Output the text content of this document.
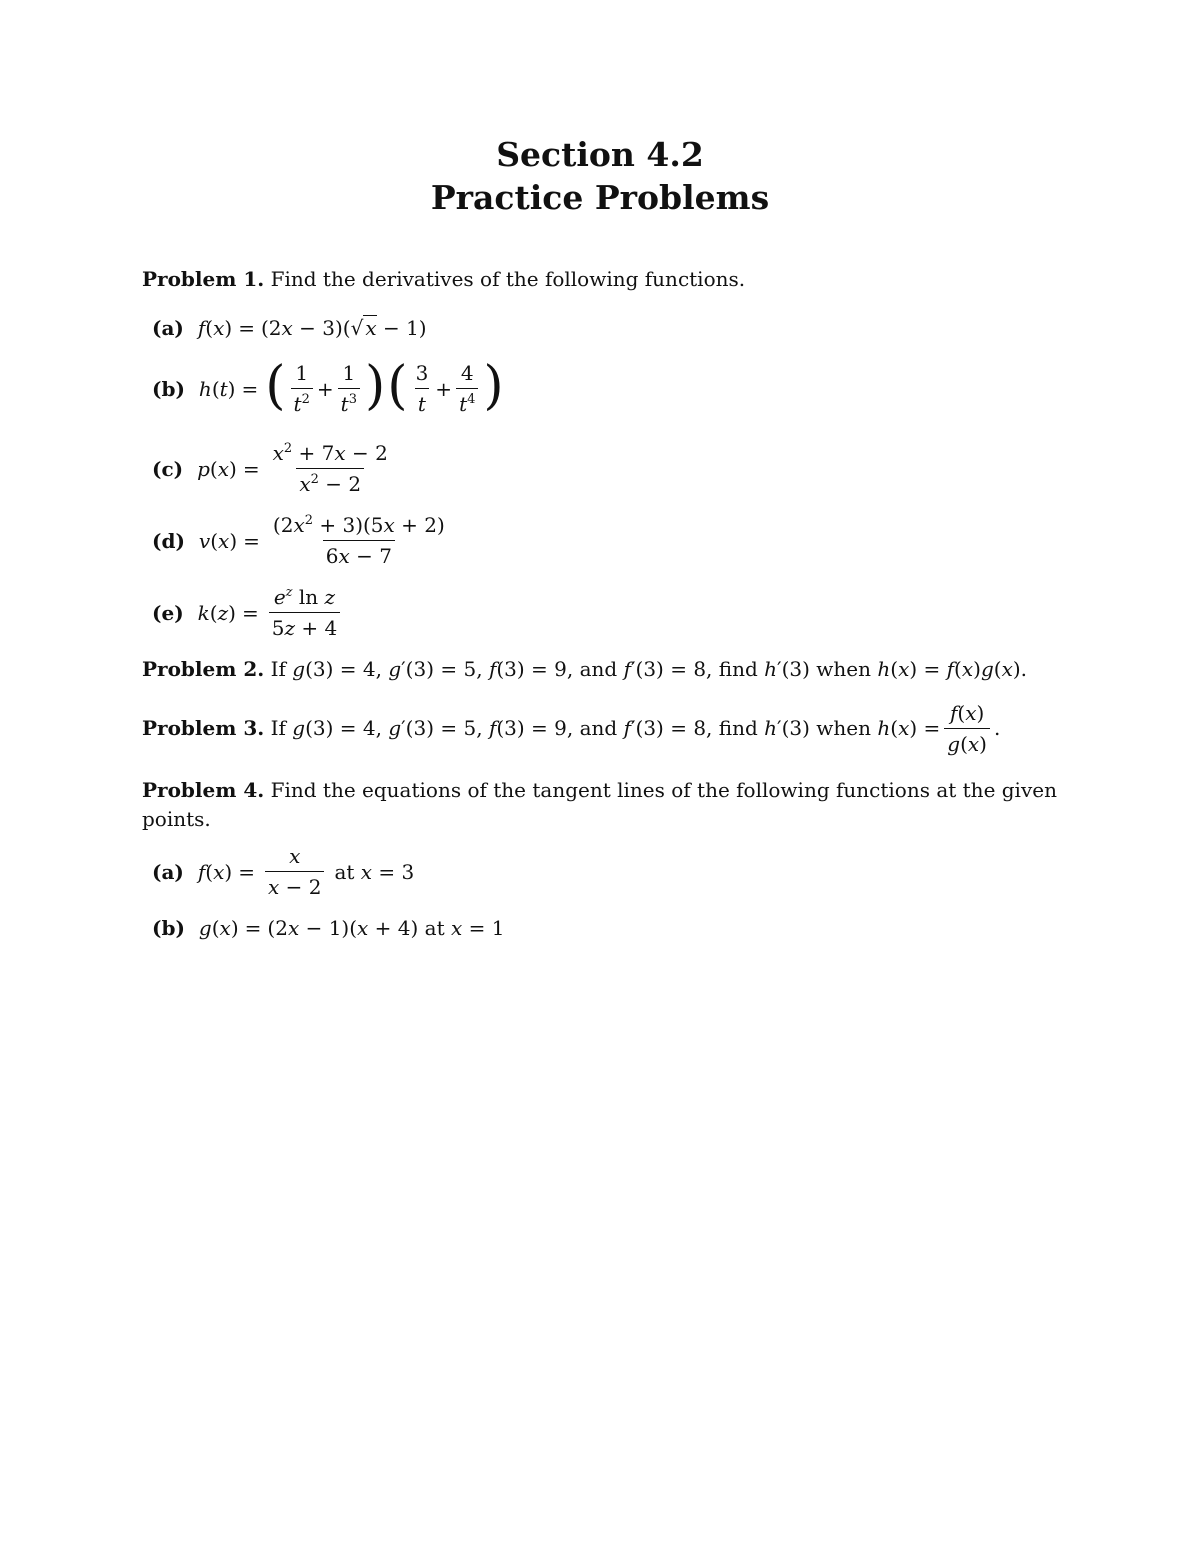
Section 4.2
Practice Problems
Problem 1. Find the derivatives of the following functions.
(a) f(x) = (2x − 3)(√ x − 1)
(b) h ( t ) = ( $\frac{1}{t^2} + \frac{1}{t^3}$ ) ( $\frac{3}{t} + \frac{4}{t^4}$ )
(c) p ( x ) = $\frac{x^2 + 7x - 2}{x^2 - 2}$
(d) v ( x ) = $\frac{(2x^2 + 3)(5x + 2)}{6x - 7}$
(e) k ( z ) = $\frac{e^z \ln z}{5z + 4}$
Problem 2. If g(3) = 4, g′(3) = 5, f(3) = 9, and f′(3) = 8, find h′(3) when h(x) = f(x)g(x).
Problem 3. If g(3) = 4, g′(3) = 5, f(3) = 9, and f′(3) = 8, find h′(3) when $h(x) = \frac{f(x)}{g(x)}$ .
Problem 4. Find the equations of the tangent lines of the following functions at the given points.
(a) f ( x ) = $\frac{x}{x - 2}$ at x = 3
(b) g(x) = (2x − 1)(x + 4) at x = 1
